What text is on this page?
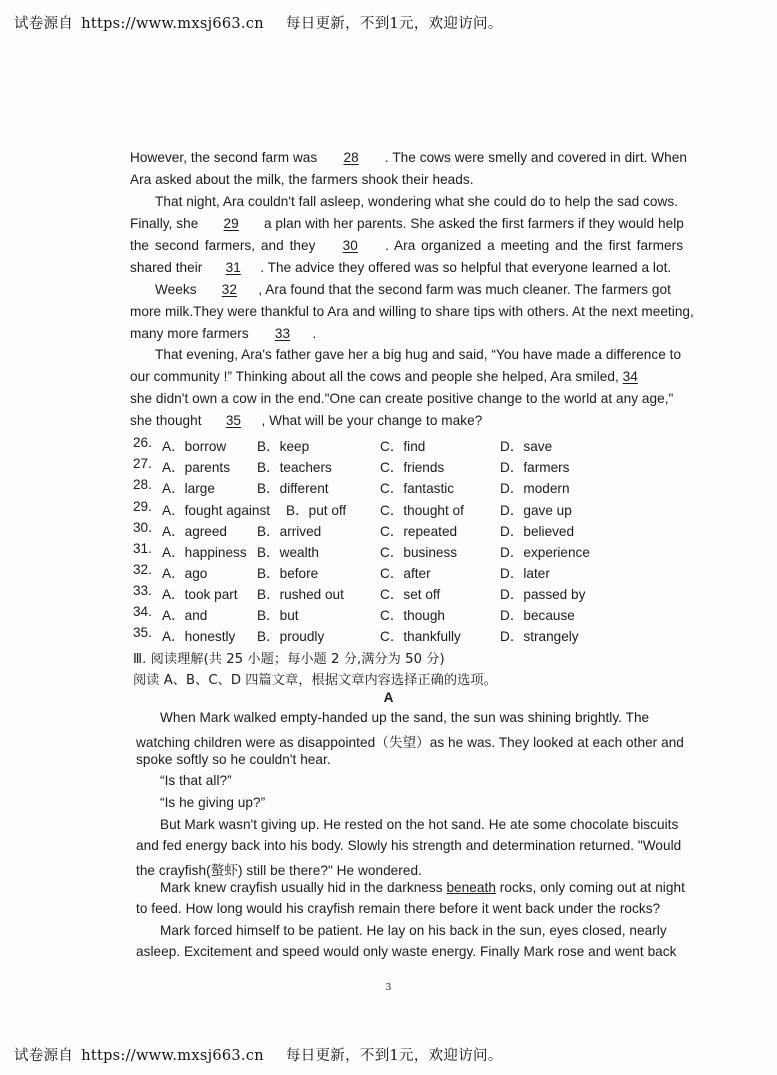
试卷源自 https://www.mxsj663.cn 每日更新，不到1元，欢迎访问。
However, the second farm was 28 . The cows were smelly and covered in dirt. When
Ara asked about the milk, the farmers shook their heads.
That night, Ara couldn't fall asleep, wondering what she could do to help the sad cows.
Finally, she 29 a plan with her parents. She asked the first farmers if they would help
the second farmers, and they 30 . Ara organized a meeting and the first farmers
shared their 31. The advice they offered was so helpful that everyone learned a lot.
Weeks 32, Ara found that the second farm was much cleaner. The farmers got
more milk.They were thankful to Ara and willing to share tips with others. At the next meeting,
many more farmers 33.
That evening, Ara's father gave her a big hug and said, “You have made a difference to
our community !” Thinking about all the cows and people she helped, Ara smiled, 34
she didn't own a cow in the end."One can create positive change to the world at any age,"
she thought 35, What will be your change to make?
26. A．borrow B．keep	C．find	D．save
27. A．parents B．teachers	C．friends	D．farmers
28. A．large	B．different	C．fantastic	D．modern
29. A．fought against B．put off C．thought of	D．gave up
30. A．agreed B．arrived	C．repeated	D．believed
31. A．happiness B．wealth	C．business	D．experience
32. A．ago	B．before	C．after	D．later
33. A．took part B．rushed out	C．set off	D．passed by
34. A．and	B．but	C．though	D．because
35. A．honestly B．proudly	C．thankfully	D．strangely
Ⅲ. 阅读理解(共 25 小题；每小题 2 分,满分为 50 分)
阅读 A、B、C、D 四篇文章，根据文章内容选择正确的选项。
A
When Mark walked empty-handed up the sand, the sun was shining brightly. The
watching children were as disappointed（失望）as he was. They looked at each other and
spoke softly so he couldn't hear.
“Is that all?”
“Is he giving up?”
But Mark wasn't giving up. He rested on the hot sand. He ate some chocolate biscuits
and fed energy back into his body. Slowly his strength and determination returned. "Would
the crayfish(螯虾) still be there?" He wondered.
Mark knew crayfish usually hid in the darkness beneath rocks, only coming out at night
to feed. How long would his crayfish remain there before it went back under the rocks?
Mark forced himself to be patient. He lay on his back in the sun, eyes closed, nearly
asleep. Excitement and speed would only waste energy. Finally Mark rose and went back
3
试卷源自 https://www.mxsj663.cn 每日更新，不到1元，欢迎访问。
